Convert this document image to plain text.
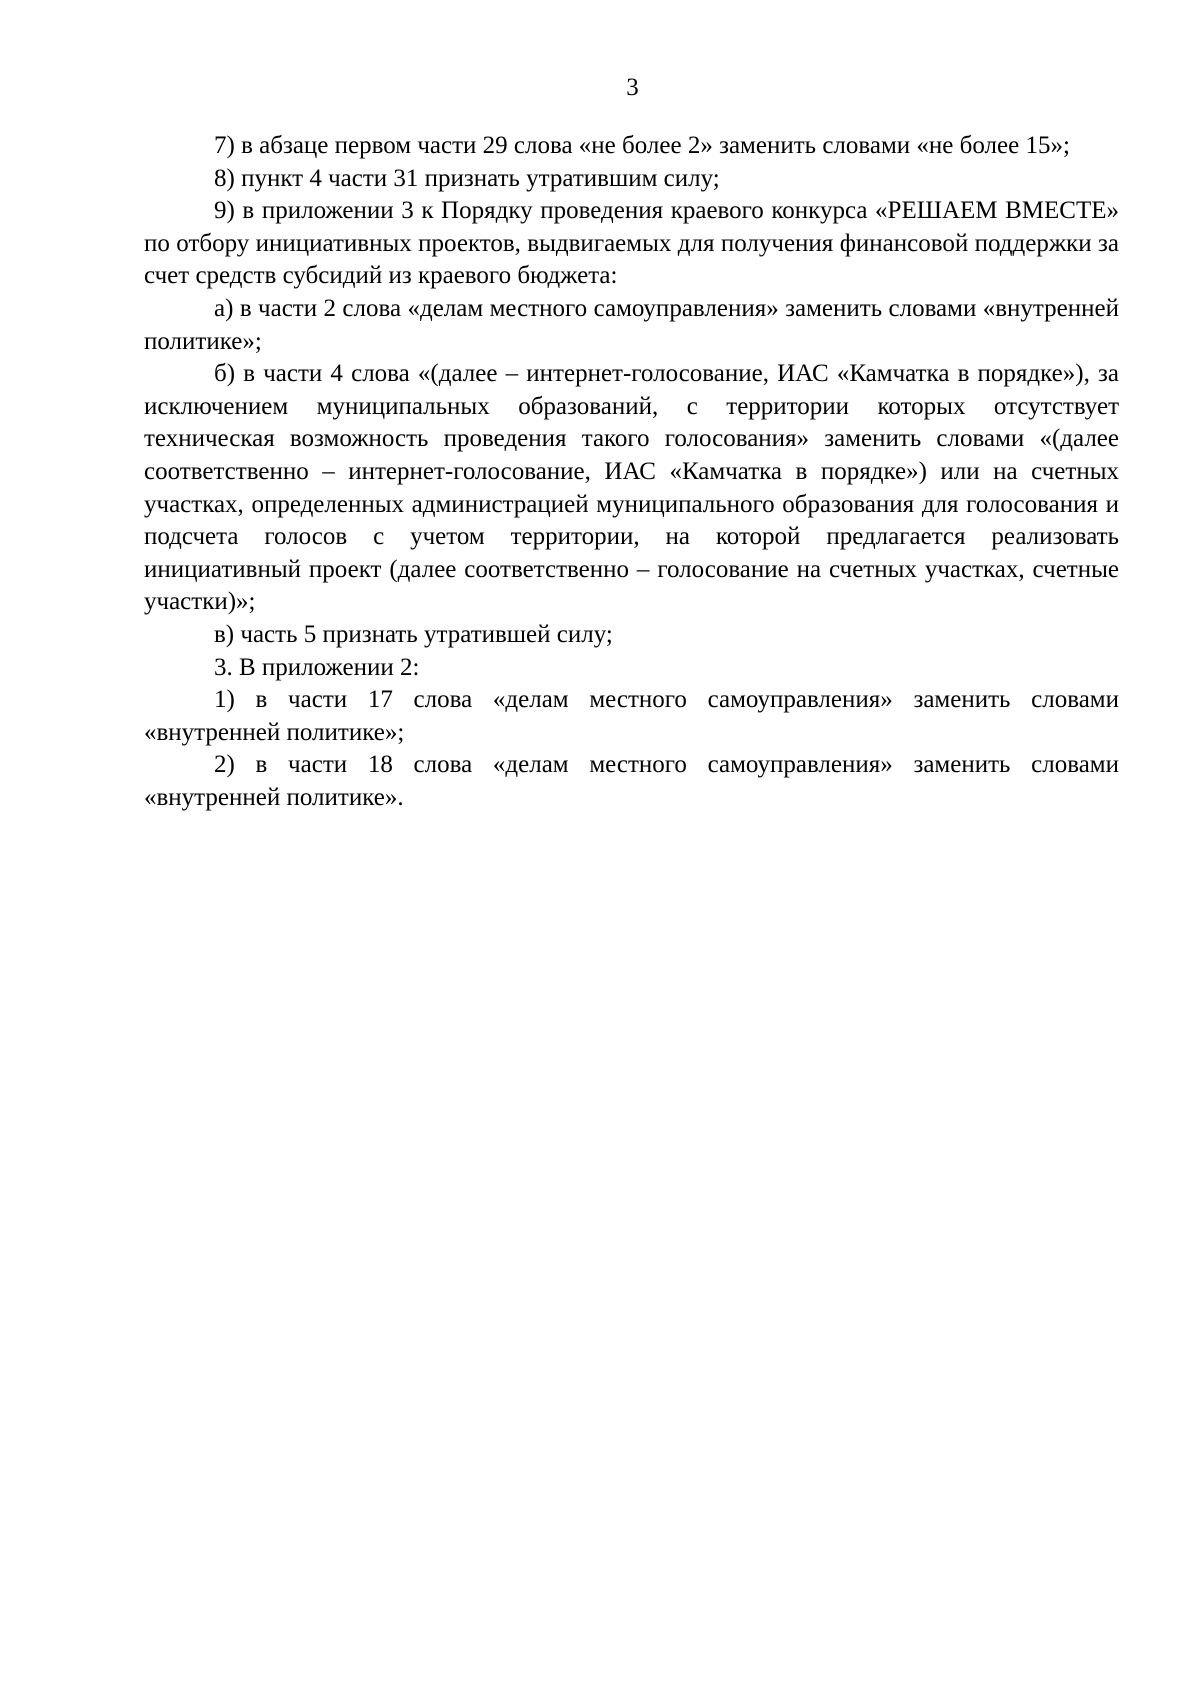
3

7) в абзаце первом части 29 слова «не более 2» заменить словами «не более 15»;

8) пункт 4 части 31 признать утратившим силу;

9) в приложении 3 к Порядку проведения краевого конкурса «РЕШАЕМ ВМЕСТЕ» по отбору инициативных проектов, выдвигаемых для получения финансовой поддержки за счет средств субсидий из краевого бюджета:

а) в части 2 слова «делам местного самоуправления» заменить словами «внутренней политике»;

б) в части 4 слова «(далее – интернет-голосование, ИАС «Камчатка в порядке»), за исключением муниципальных образований, с территории которых отсутствует техническая возможность проведения такого голосования» заменить словами «(далее соответственно – интернет-голосование, ИАС «Камчатка в порядке») или на счетных участках, определенных администрацией муниципального образования для голосования и подсчета голосов с учетом территории, на которой предлагается реализовать инициативный проект (далее соответственно – голосование на счетных участках, счетные участки)»;

в) часть 5 признать утратившей силу;

3. В приложении 2:

1) в части 17 слова «делам местного самоуправления» заменить словами «внутренней политике»;

2) в части 18 слова «делам местного самоуправления» заменить словами «внутренней политике».
